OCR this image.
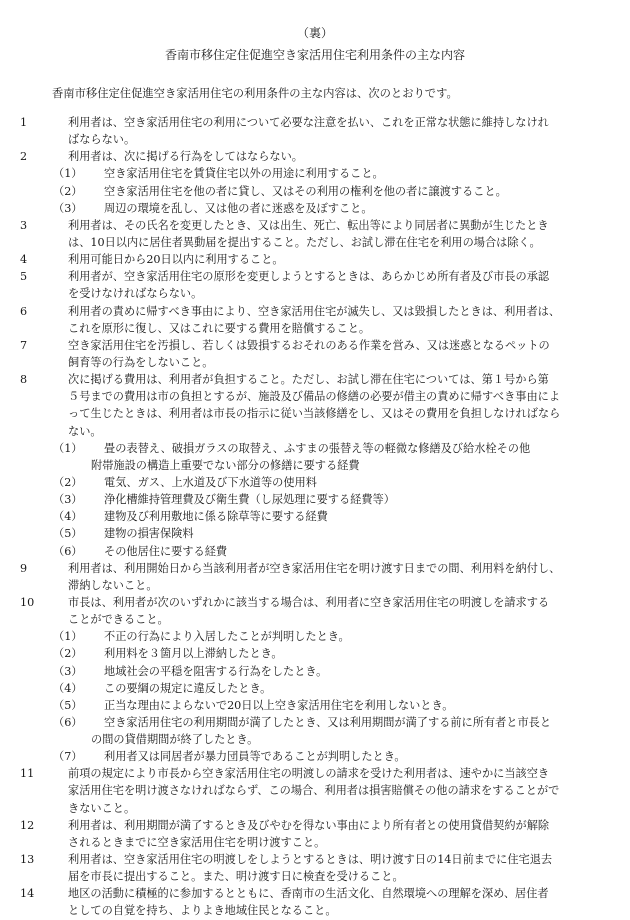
（裏）
香南市移住定住促進空き家活用住宅利用条件の主な内容
香南市移住定住促進空き家活用住宅の利用条件の主な内容は、次のとおりです。
1	利用者は、空き家活用住宅の利用について必要な注意を払い、これを正常な状態に維持しなけれ
ばならない。
2	利用者は、次に掲げる行為をしてはならない。
（1） 空き家活用住宅を賃貸住宅以外の用途に利用すること。
（2） 空き家活用住宅を他の者に貸し、又はその利用の権利を他の者に譲渡すること。
（3） 周辺の環境を乱し、又は他の者に迷惑を及ぼすこと。
3	利用者は、その氏名を変更したとき、又は出生、死亡、転出等により同居者に異動が生じたとき
は、10日以内に居住者異動届を提出すること。ただし、お試し滞在住宅を利用の場合は除く。
4	利用可能日から20日以内に利用すること。
5	利用者が、空き家活用住宅の原形を変更しようとするときは、あらかじめ所有者及び市長の承認
を受けなければならない。
6	利用者の責めに帰すべき事由により、空き家活用住宅が滅失し、又は毀損したときは、利用者は、
これを原形に復し、又はこれに要する費用を賠償すること。
7	空き家活用住宅を汚損し、若しくは毀損するおそれのある作業を営み、又は迷惑となるペットの
飼育等の行為をしないこと。
8	次に掲げる費用は、利用者が負担すること。ただし、お試し滞在住宅については、第１号から第
５号までの費用は市の負担とするが、施設及び備品の修繕の必要が借主の責めに帰すべき事由によ
って生じたときは、利用者は市長の指示に従い当該修繕をし、又はその費用を負担しなければなら
ない。
（1） 畳の表替え、破損ガラスの取替え、ふすまの張替え等の軽微な修繕及び給水栓その他
附帯施設の構造上重要でない部分の修繕に要する経費
（2） 電気、ガス、上水道及び下水道等の使用料
（3） 浄化槽維持管理費及び衛生費（し尿処理に要する経費等）
（4） 建物及び利用敷地に係る除草等に要する経費
（5） 建物の損害保険料
（6） その他居住に要する経費
9	利用者は、利用開始日から当該利用者が空き家活用住宅を明け渡す日までの間、利用料を納付し、
滞納しないこと。
10	市長は、利用者が次のいずれかに該当する場合は、利用者に空き家活用住宅の明渡しを請求する
ことができること。
（1） 不正の行為により入居したことが判明したとき。
（2） 利用料を３箇月以上滞納したとき。
（3） 地域社会の平穏を阻害する行為をしたとき。
（4） この要綱の規定に違反したとき。
（5） 正当な理由によらないで20日以上空き家活用住宅を利用しないとき。
（6） 空き家活用住宅の利用期間が満了したとき、又は利用期間が満了する前に所有者と市長と
の間の貸借期間が終了したとき。
（7） 利用者又は同居者が暴力団員等であることが判明したとき。
11	前項の規定により市長から空き家活用住宅の明渡しの請求を受けた利用者は、速やかに当該空き
家活用住宅を明け渡さなければならず、この場合、利用者は損害賠償その他の請求をすることがで
きないこと。
12	利用者は、利用期間が満了するとき及びやむを得ない事由により所有者との使用貸借契約が解除
されるときまでに空き家活用住宅を明け渡すこと。
13	利用者は、空き家活用住宅の明渡しをしようとするときは、明け渡す日の14日前までに住宅退去
届を市長に提出すること。また、明け渡す日に検査を受けること。
14	地区の活動に積極的に参加するとともに、香南市の生活文化、自然環境への理解を深め、居住者
としての自覚を持ち、よりよき地域住民となること。
